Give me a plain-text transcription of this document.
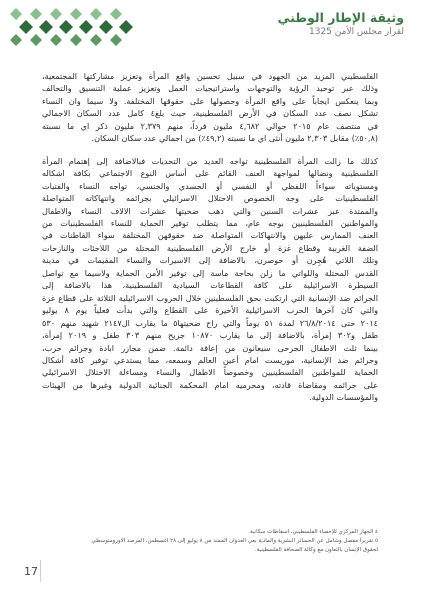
وثيقة الإطار الوطني
لقرار مجلس الأمن 1325
الفلسطيني المزيد من الجهود في سبيل تحسين واقع المرأة وتعزيز مشاركتها المجتمعية،
وذلك عبر توحيد الرؤية والتوجهات واستراتيجيات العمل وتعزيز عملية التنسيق والتحالف
وبما ينعكس ايجاباً على واقع المرأة وحصولها على حقوقها المختلفة. ولا سيما وان النساء
تشكل نصف عدد السكان في الأرض الفلسطينية، حيث بلغ٤ كامل عدد السكان الاجمالي
في منتصف عام ٢٠١٥ حوالي ٤,٦٨٢ مليون فرداً، منهم ٢,٣٧٩ مليون ذكر اي ما نسبته
(٥٠,٨٪) مقابل ٢,٣٠٣ مليون أنثى اي ما نسبته (٤٩,٢٪) من اجمالي عدد سكان السكان.
كذلك ما زالت المرأة الفلسطينية تواجه العديد من التحديات فبالاضافة إلى إهتمام المرأة
الفلسطينية ونضالها لمواجهة العنف القائم على أساس النوع الاجتماعي بكافة اشكاله
ومستوياته سواءاً اللفظي أو النفسي أو الجسدي والجنسي، تواجه النساء والفتيات
الفلسطينيات على وجه الخصوص الاحتلال الاسرائيلي بجرائمه وانتهاكاته المتواصلة
والممتدة عبر عشرات السنين والتي ذهب ضحيتها عشرات الالاف النساء والاطفال
والمواطنين الفلسطينيين بوجه عام، مما يتطلب توفير الحماية للنساء الفلسطينيات من
العنف الممارس عليهن والانتهاكات المتواصلة ضد حقوقهن المختلفة سواء القاطنات في
الضفة الغربية وقطاع غزة أو خارج الأرض الفلسطينية المحتلة من اللاجئات والنازحات
وتلك اللاتي هُجِرن أو حوصرن، بالاضافة إلى الاسيرات والنساء المقيمات في مدينة
القدس المحتلة واللواتي ما زلن بحاجة ماسة إلى توفير الأمن الحماية ولاسيما مع تواصل
السيطرة الاسرائيلية على كافة القطاعات السيادية الفلسطينية، هذا بالاضافة إلى
الجرائم ضد الإنسانية التي ارتكبت بحق الفلسطينين خلال الحروب الاسرائيلية الثلاثة على قطاع غزة
والتي كان آخرها الحرب الاسرائيلية الأخيرة على القطاع والتي بدأت فعلياً يوم ٨ يوليو
٢٠١٤ حتى ٢٦/٨/٢٠١٤ لمدة ٥١ يوماً والتي راح ضحيتها٥ ما يقارب ال٢١٤٧ شهيد منهم ٥٣٠
طفل و٣٠٢ إمرأة، بالاضافة إلى ما يقارب ١٠٨٧٠ جريح منهم ٣٠٣ طفل و ٢٠١٩ إمرأة،
بينما ثلث الاطفال الجرحى سيعانون من إعاقة دائمة. ضمن مجازر ابادة وجرائم حرب،
وجرائم ضد الإنسانية، موريست امام أعين العالم وسمعه، مما يستدعي توفير كافة أشكال
الحماية للمواطنين الفلسطينيين وخصوصاً الاطفال والنساء ومساءلة الاحتلال الاسرائيلي
على جرائمه ومقاضاة قادته، ومحرميه امام المحكمة الجنائية الدولية وغيرها من الهيئات
والمؤسسات الدولية.
٤ الجهاز المركزي للإحصاء الفلسطيني، اسقاطات سكانية.
٥ تقريراً مفصل وشامل عن الخسائر البشرية والمادية بعي العدوان الممتد من ٨ يوليو إلى ٢٨ اغسطس، المرصد الاورومتوسطي
لحقوق الإنسان بالتعاون مع وكالة الصحافة الفلسطينية.
17
